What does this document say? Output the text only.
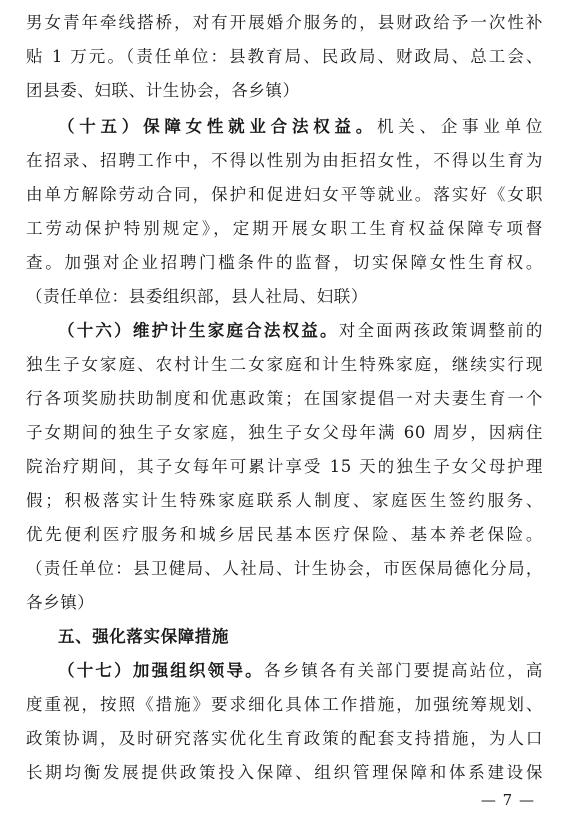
男女青年牵线搭桥，对有开展婚介服务的，县财政给予一次性补
贴 1 万元。（责任单位：县教育局、民政局、财政局、总工会、
团县委、妇联、计生协会，各乡镇）
（十五）保障女性就业合法权益。机关、企事业单位
在招录、招聘工作中，不得以性别为由拒招女性，不得以生育为
由单方解除劳动合同，保护和促进妇女平等就业。落实好《女职
工劳动保护特别规定》，定期开展女职工生育权益保障专项督
查。加强对企业招聘门槛条件的监督，切实保障女性生育权。
（责任单位：县委组织部，县人社局、妇联）
（十六）维护计生家庭合法权益。对全面两孩政策调整前的
独生子女家庭、农村计生二女家庭和计生特殊家庭，继续实行现
行各项奖励扶助制度和优惠政策；在国家提倡一对夫妻生育一个
子女期间的独生子女家庭，独生子女父母年满 60 周岁，因病住
院治疗期间，其子女每年可累计享受 15 天的独生子女父母护理
假；积极落实计生特殊家庭联系人制度、家庭医生签约服务、
优先便利医疗服务和城乡居民基本医疗保险、基本养老保险。
（责任单位：县卫健局、人社局、计生协会，市医保局德化分局，
各乡镇）
五、强化落实保障措施
（十七）加强组织领导。各乡镇各有关部门要提高站位，高
度重视，按照《措施》要求细化具体工作措施，加强统筹规划、
政策协调，及时研究落实优化生育政策的配套支持措施，为人口
长期均衡发展提供政策投入保障、组织管理保障和体系建设保
— 7 —
